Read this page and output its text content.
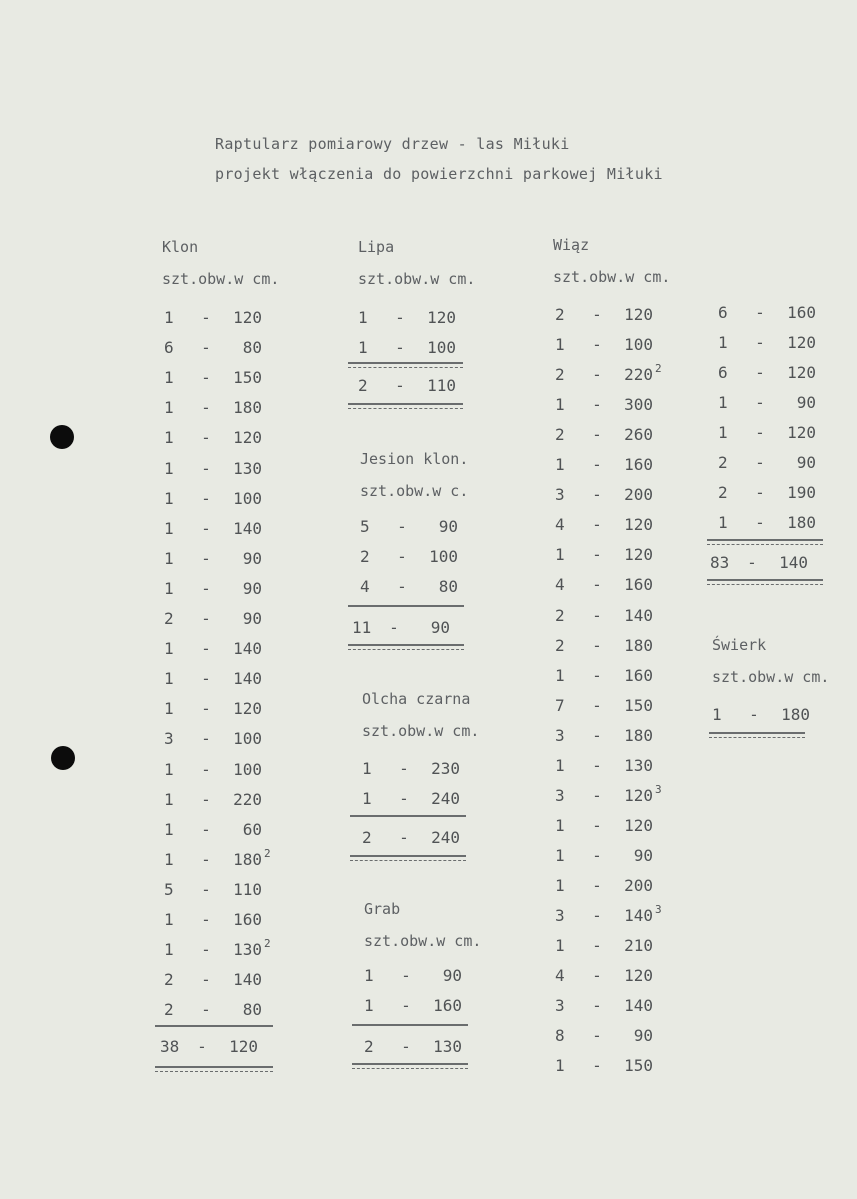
Raptularz pomiarowy drzew - las Miłuki
projekt włączenia do powierzchni parkowej Miłuki
Klon
szt.obw.w cm.
1	-	120
6	-	80
1	-	150
1	-	180
1	-	120
1	-	130
1	-	100
1	-	140
1	-	90
1	-	90
2	-	90
1	-	140
1	-	140
1	-	120
3	-	100
1	-	100
1	-	220
1	-	60
1	-	180 2
5	-	110
1	-	160
1	-	130 2
2	-	140
2	-	80
38 -	120
Lipa
szt.obw.w cm.
1	-	120
1	-	100
2	-	110
Jesion klon.
szt.obw.w c.
5	-	90
2	-	100
4	-	80
11 -	90
Olcha czarna
szt.obw.w cm.
1	-	230
1	-	240
2	-	240
Grab
szt.obw.w cm.
1	-	90
1	-	160
2	-	130
Wiąz
szt.obw.w cm.
2	-	120
1	-	100
2	-	220 2
1	-	300
2	-	260
1	-	160
3	-	200
4	-	120
1	-	120
4	-	160
2	-	140
2	-	180
1	-	160
7	-	150
3	-	180
1	-	130
3	-	120 3
1	-	120
1	-	90
1	-	200
3	-	140 3
1	-	210
4	-	120
3	-	140
8	-	90
1	-	150
6	-	160
1	-	120
6	-	120
1	-	90
1	-	120
2	-	90
2	-	190
1	-	180
83 -	140
Świerk
szt.obw.w cm.
1	-	180
